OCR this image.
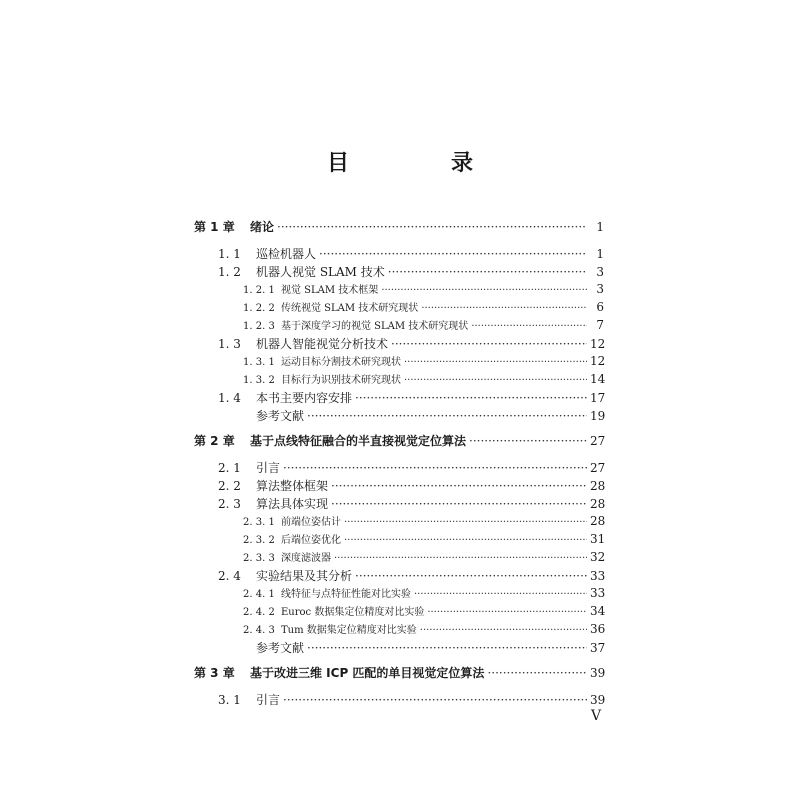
目　录
第 1 章	绪论 ·····	1
1. 1	巡检机器人 ·····	1
1. 2	机器人视觉 SLAM 技术 ·····	3
1. 2. 1 视觉 SLAM 技术框架 ·····	3
1. 2. 2 传统视觉 SLAM 技术研究现状 ·····	6
1. 2. 3 基于深度学习的视觉 SLAM 技术研究现状 ·····	7
1. 3	机器人智能视觉分析技术 ·····	12
1. 3. 1 运动目标分割技术研究现状 ·····	12
1. 3. 2 目标行为识别技术研究现状 ·····	14
1. 4	本书主要内容安排 ·····	17
参考文献 ·····	19
第 2 章	基于点线特征融合的半直接视觉定位算法 ·····	27
2. 1	引言 ·····	27
2. 2	算法整体框架 ·····	28
2. 3	算法具体实现 ·····	28
2. 3. 1 前端位姿估计 ·····	28
2. 3. 2 后端位姿优化 ·····	31
2. 3. 3 深度滤波器 ·····	32
2. 4	实验结果及其分析 ·····	33
2. 4. 1 线特征与点特征性能对比实验 ·····	33
2. 4. 2 Euroc 数据集定位精度对比实验 ·····	34
2. 4. 3 Tum 数据集定位精度对比实验 ·····	36
参考文献 ·····	37
第 3 章	基于改进三维 ICP 匹配的单目视觉定位算法 ·····	39
3. 1	引言 ·····	39
V
